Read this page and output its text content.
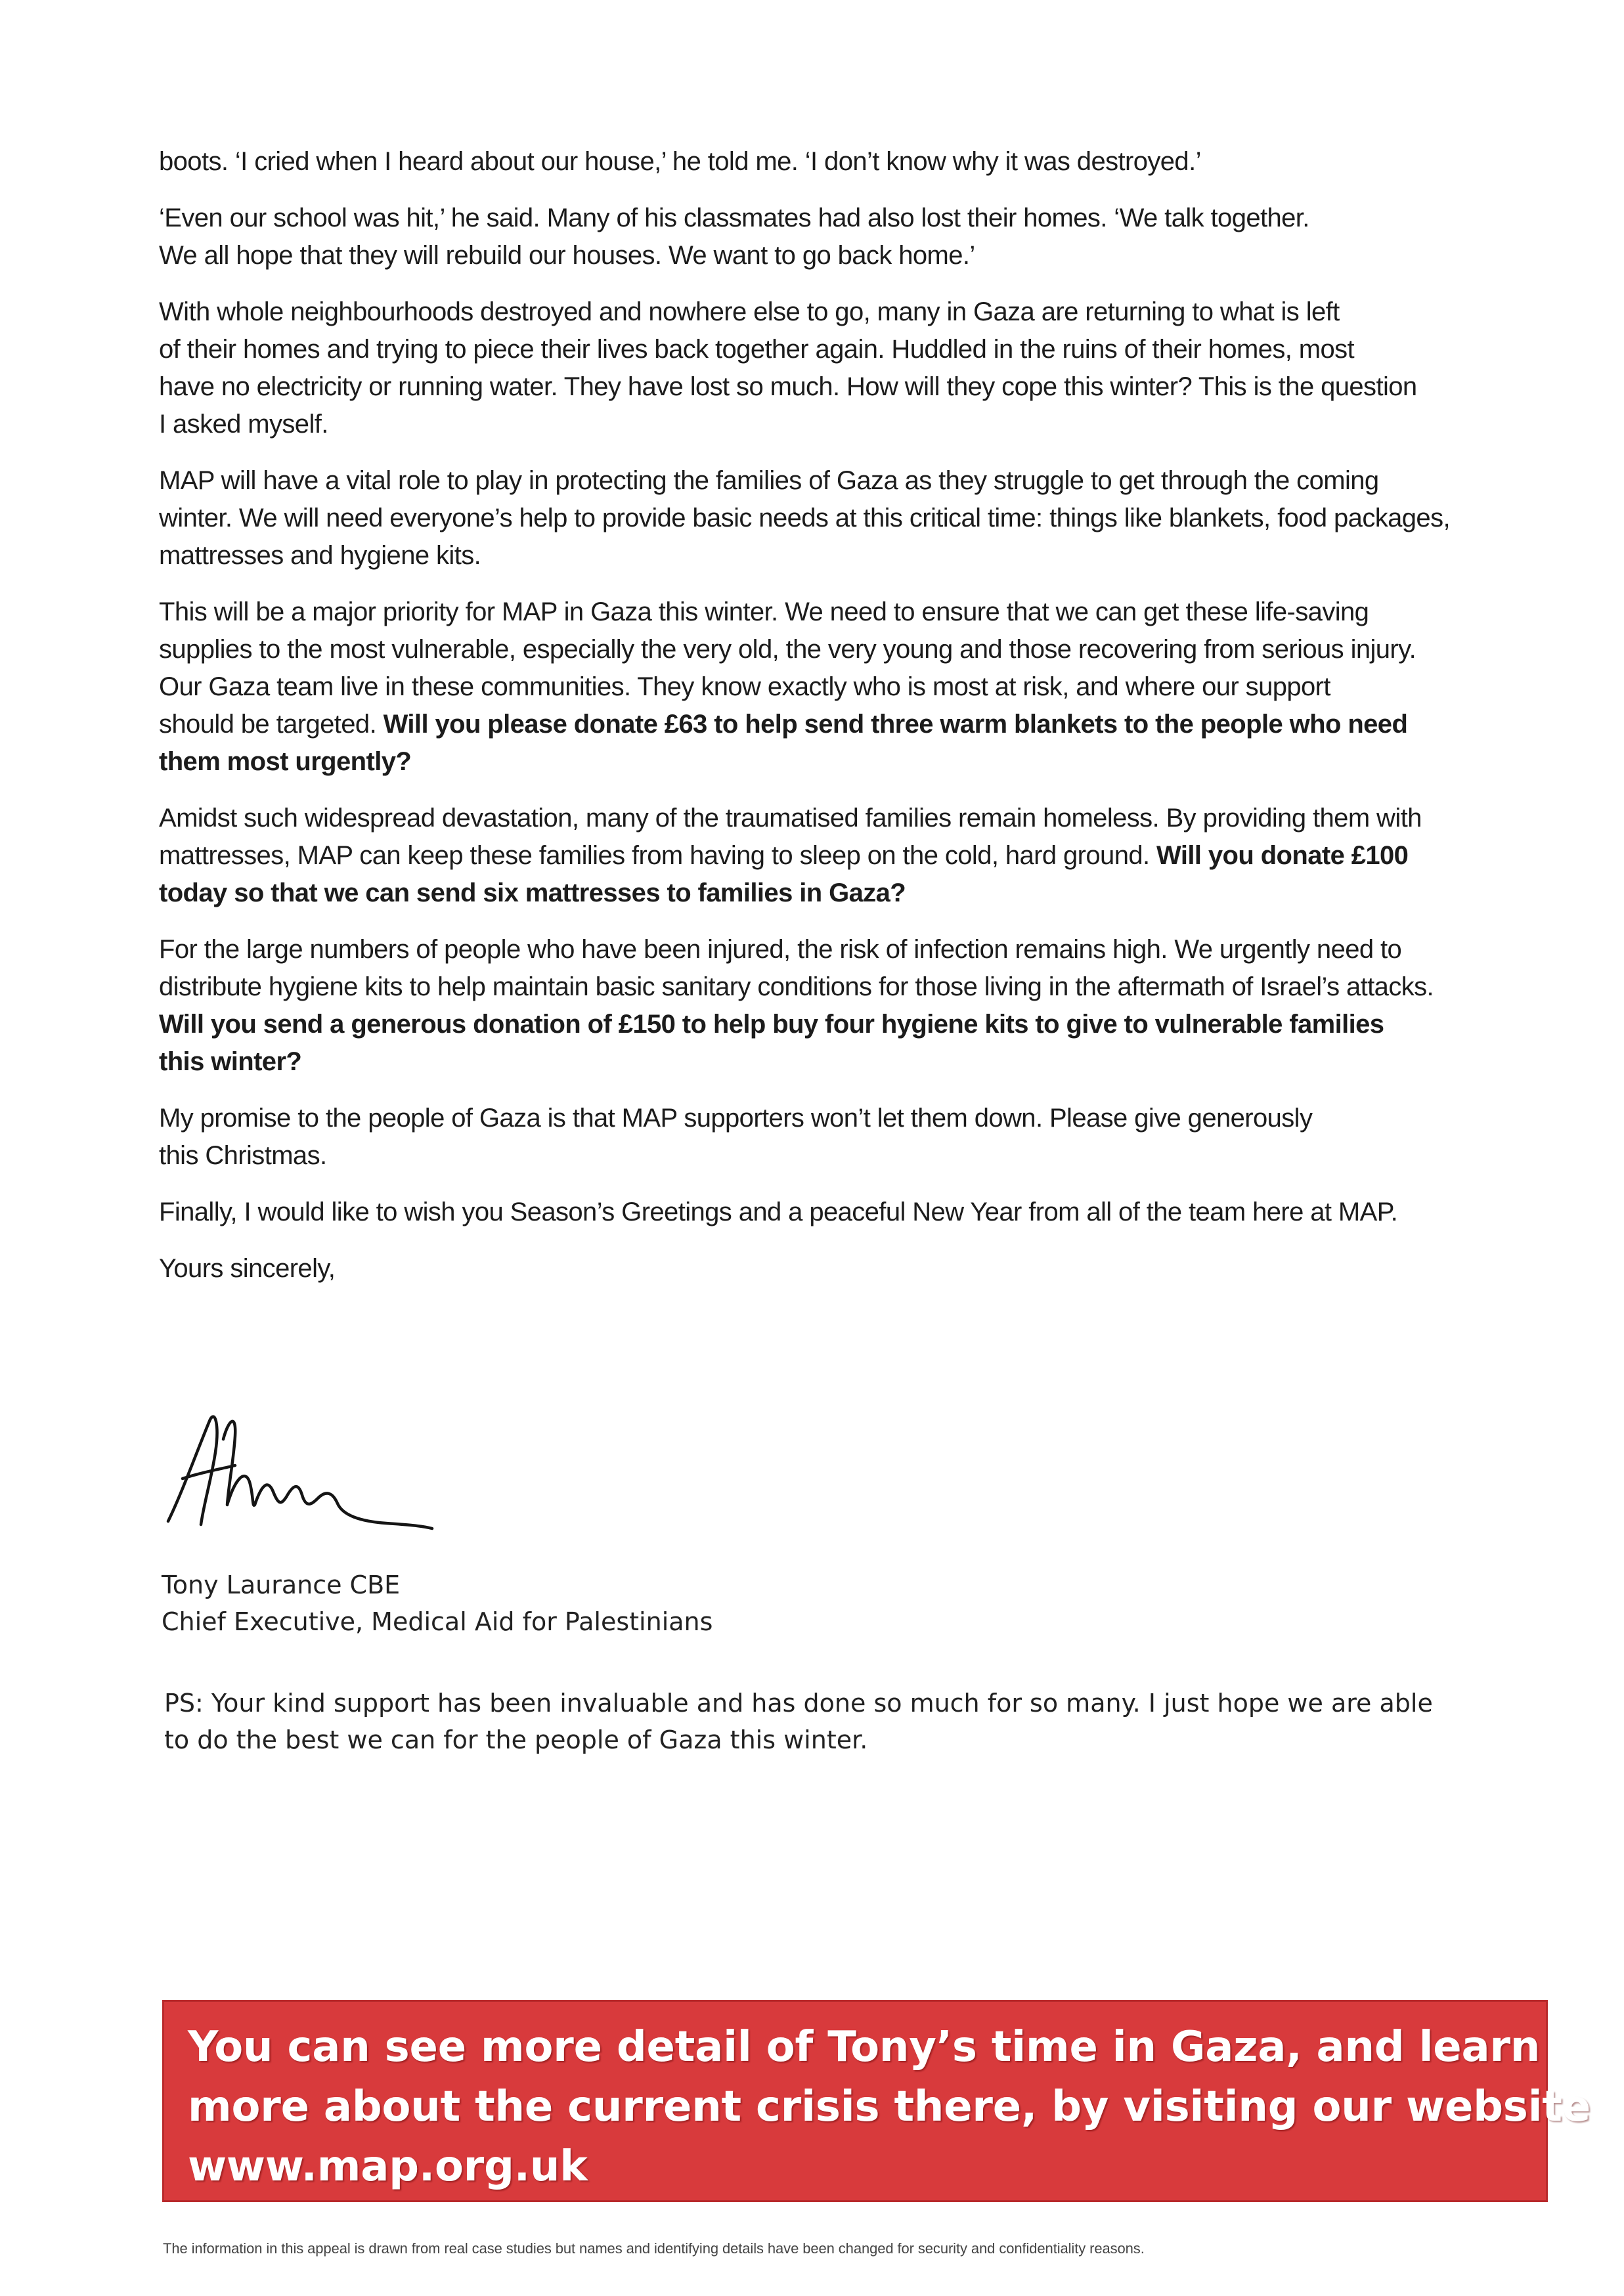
boots. ‘I cried when I heard about our house,’ he told me. ‘I don’t know why it was destroyed.’

‘Even our school was hit,’ he said. Many of his classmates had also lost their homes. ‘We talk together.
We all hope that they will rebuild our houses. We want to go back home.’

With whole neighbourhoods destroyed and nowhere else to go, many in Gaza are returning to what is left
of their homes and trying to piece their lives back together again. Huddled in the ruins of their homes, most
have no electricity or running water. They have lost so much. How will they cope this winter? This is the question
I asked myself.

MAP will have a vital role to play in protecting the families of Gaza as they struggle to get through the coming
winter. We will need everyone’s help to provide basic needs at this critical time: things like blankets, food packages,
mattresses and hygiene kits.

This will be a major priority for MAP in Gaza this winter. We need to ensure that we can get these life-saving
supplies to the most vulnerable, especially the very old, the very young and those recovering from serious injury.
Our Gaza team live in these communities. They know exactly who is most at risk, and where our support
should be targeted. Will you please donate £63 to help send three warm blankets to the people who need
them most urgently?

Amidst such widespread devastation, many of the traumatised families remain homeless. By providing them with
mattresses, MAP can keep these families from having to sleep on the cold, hard ground. Will you donate £100
today so that we can send six mattresses to families in Gaza?

For the large numbers of people who have been injured, the risk of infection remains high. We urgently need to
distribute hygiene kits to help maintain basic sanitary conditions for those living in the aftermath of Israel’s attacks.
Will you send a generous donation of £150 to help buy four hygiene kits to give to vulnerable families
this winter?

My promise to the people of Gaza is that MAP supporters won’t let them down. Please give generously
this Christmas.

Finally, I would like to wish you Season’s Greetings and a peaceful New Year from all of the team here at MAP.

Yours sincerely,

Tony Laurance CBE
Chief Executive, Medical Aid for Palestinians

PS: Your kind support has been invaluable and has done so much for so many. I just hope we are able

to do the best we can for the people of Gaza this winter.

You can see more detail of Tony’s time in Gaza, and learn
more about the current crisis there, by visiting our website
www.map.org.uk
The information in this appeal is drawn from real case studies but names and identifying details have been changed for security and confidentiality reasons.
